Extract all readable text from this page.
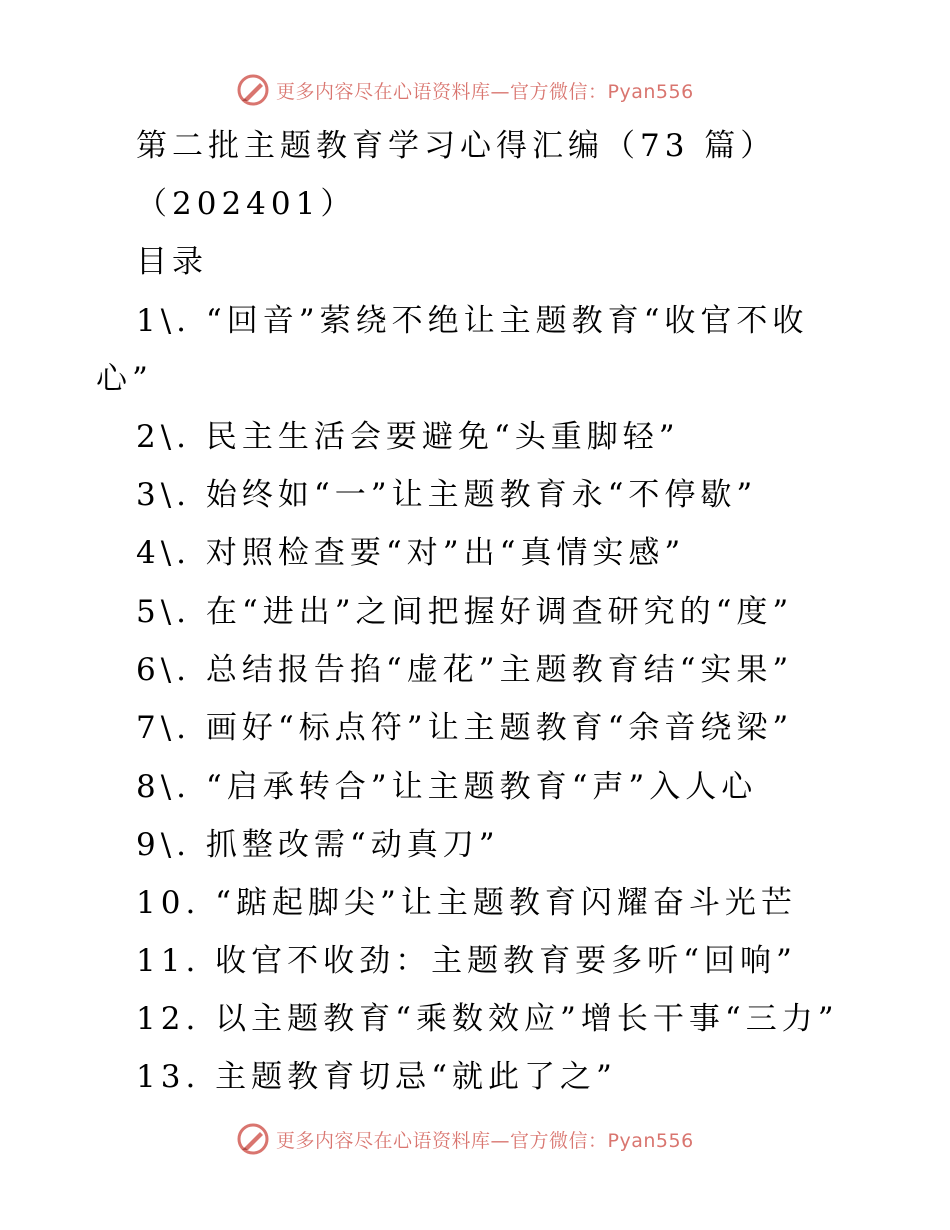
更多内容尽在心语资料库—官方微信：Pyan556
第二批主题教育学习心得汇编（73 篇）
（202401）
目录
1\. “回音”萦绕不绝让主题教育“收官不收
心”
2\. 民主生活会要避免“头重脚轻”
3\. 始终如“一”让主题教育永“不停歇”
4\. 对照检查要“对”出“真情实感”
5\. 在“进出”之间把握好调查研究的“度”
6\. 总结报告掐“虚花”主题教育结“实果”
7\. 画好“标点符”让主题教育“余音绕梁”
8\. “启承转合”让主题教育“声”入人心
9\. 抓整改需“动真刀”
10. “踮起脚尖”让主题教育闪耀奋斗光芒
11. 收官不收劲：主题教育要多听“回响”
12. 以主题教育“乘数效应”增长干事“三力”
13. 主题教育切忌“就此了之”
更多内容尽在心语资料库—官方微信：Pyan556
